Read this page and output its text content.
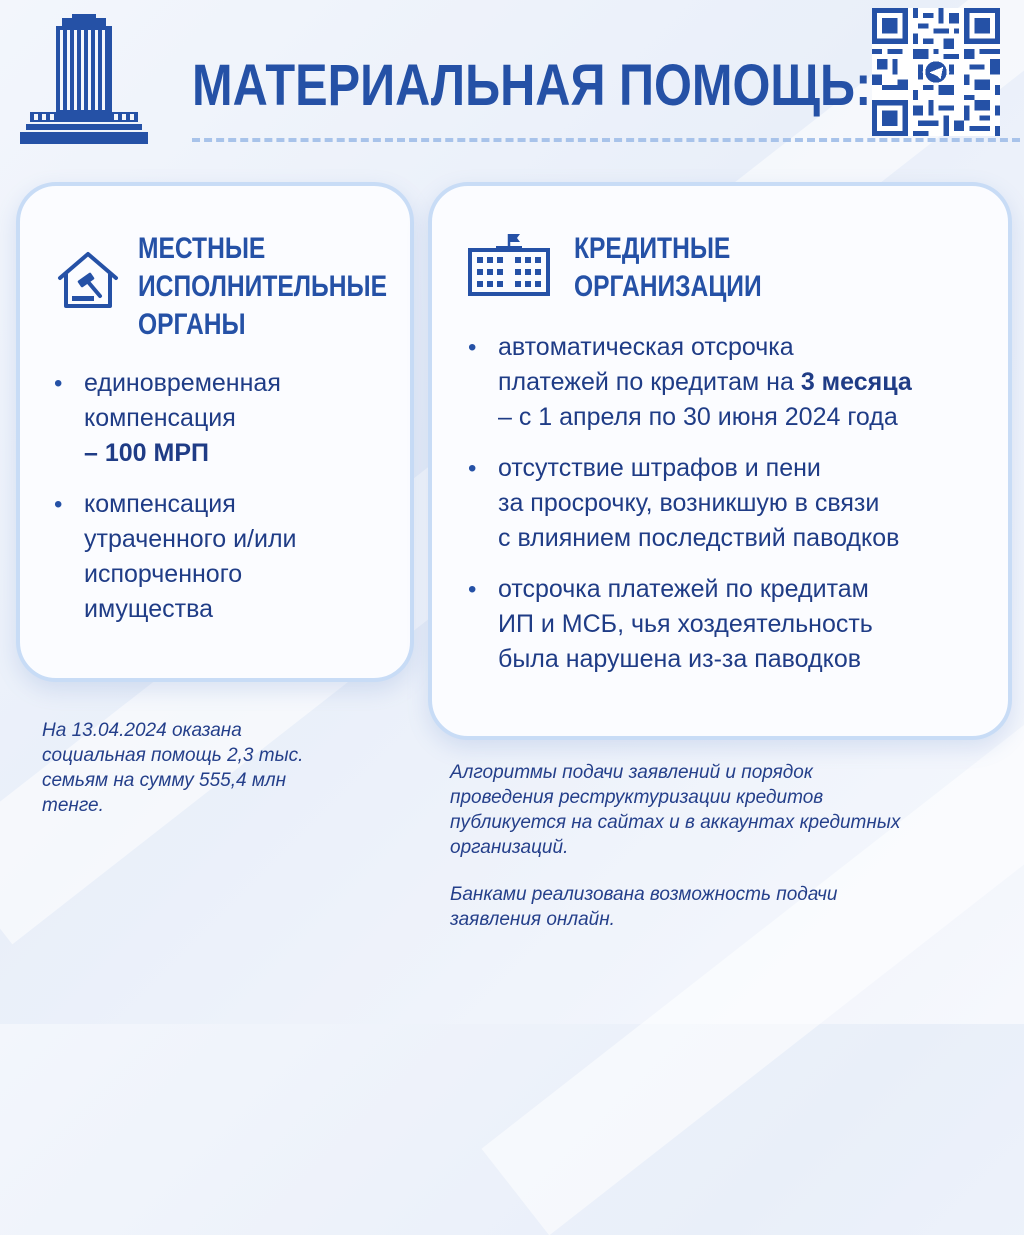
МАТЕРИАЛЬНАЯ ПОМОЩЬ:
МЕСТНЫЕ
ИСПОЛНИТЕЛЬНЫЕ
ОРГАНЫ
• единовременная
компенсация
– 100 МРП
• компенсация
утраченного и/или
испорченного
имущества
КРЕДИТНЫЕ
ОРГАНИЗАЦИИ
• автоматическая отсрочка
платежей по кредитам на 3 месяца
– с 1 апреля по 30 июня 2024 года
• отсутствие штрафов и пени
за просрочку, возникшую в связи
с влиянием последствий паводков
• отсрочка платежей по кредитам
ИП и МСБ, чья хоздеятельность
была нарушена из-за паводков

На 13.04.2024 оказана
социальная помощь 2,3 тыс.
семьям на сумму 555,4 млн
тенге.

Алгоритмы подачи заявлений и порядок
проведения реструктуризации кредитов
публикуется на сайтах и в аккаунтах кредитных
организаций.

Банками реализована возможность подачи
заявления онлайн.
